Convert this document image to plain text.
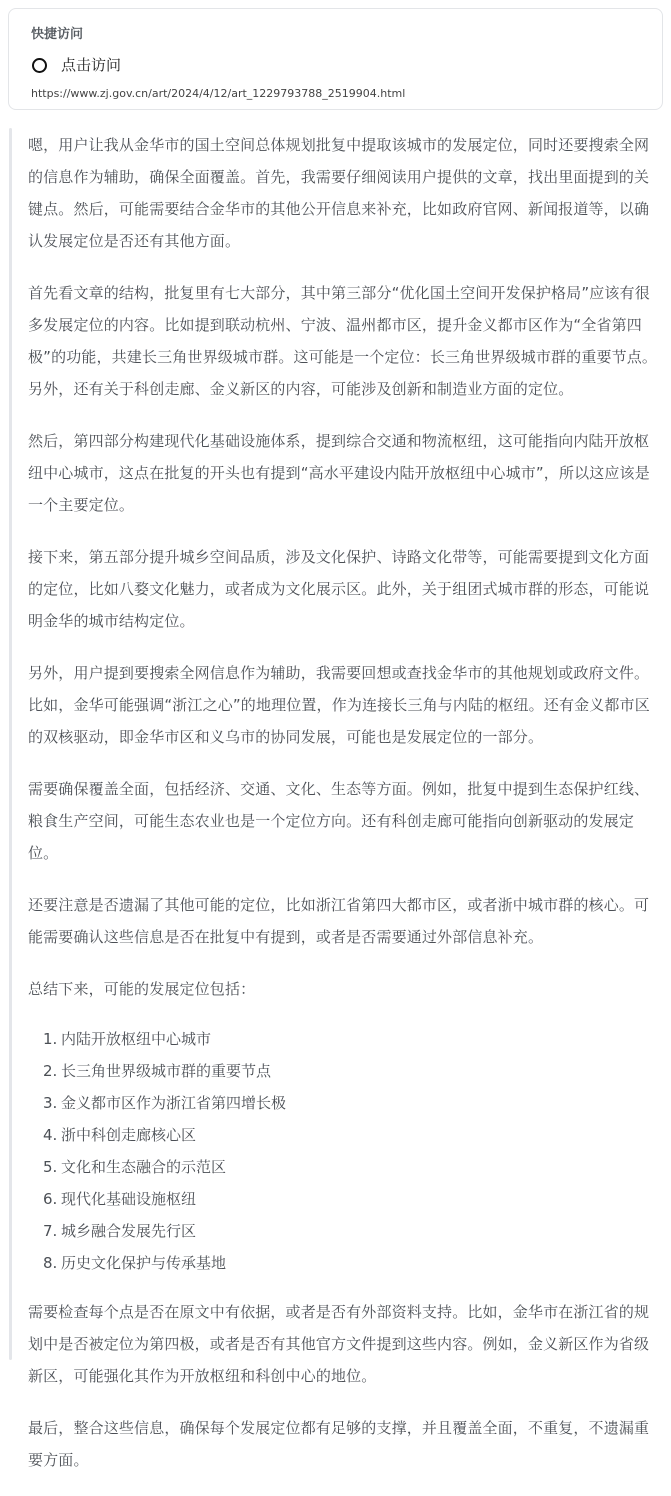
快捷访问
点击访问
https://www.zj.gov.cn/art/2024/4/12/art_1229793788_2519904.html

嗯，用户让我从金华市的国土空间总体规划批复中提取该城市的发展定位，同时还要搜索全网的信息作为辅助，确保全面覆盖。首先，我需要仔细阅读用户提供的文章，找出里面提到的关键点。然后，可能需要结合金华市的其他公开信息来补充，比如政府官网、新闻报道等，以确认发展定位是否还有其他方面。

首先看文章的结构，批复里有七大部分，其中第三部分“优化国土空间开发保护格局”应该有很多发展定位的内容。比如提到联动杭州、宁波、温州都市区，提升金义都市区作为“全省第四极”的功能，共建长三角世界级城市群。这可能是一个定位：长三角世界级城市群的重要节点。另外，还有关于科创走廊、金义新区的内容，可能涉及创新和制造业方面的定位。

然后，第四部分构建现代化基础设施体系，提到综合交通和物流枢纽，这可能指向内陆开放枢纽中心城市，这点在批复的开头也有提到“高水平建设内陆开放枢纽中心城市”，所以这应该是一个主要定位。

接下来，第五部分提升城乡空间品质，涉及文化保护、诗路文化带等，可能需要提到文化方面的定位，比如八婺文化魅力，或者成为文化展示区。此外，关于组团式城市群的形态，可能说明金华的城市结构定位。

另外，用户提到要搜索全网信息作为辅助，我需要回想或查找金华市的其他规划或政府文件。比如，金华可能强调“浙江之心”的地理位置，作为连接长三角与内陆的枢纽。还有金义都市区的双核驱动，即金华市区和义乌市的协同发展，可能也是发展定位的一部分。

需要确保覆盖全面，包括经济、交通、文化、生态等方面。例如，批复中提到生态保护红线、粮食生产空间，可能生态农业也是一个定位方向。还有科创走廊可能指向创新驱动的发展定位。

还要注意是否遗漏了其他可能的定位，比如浙江省第四大都市区，或者浙中城市群的核心。可能需要确认这些信息是否在批复中有提到，或者是否需要通过外部信息补充。

总结下来，可能的发展定位包括：

1. 内陆开放枢纽中心城市
2. 长三角世界级城市群的重要节点
3. 金义都市区作为浙江省第四增长极
4. 浙中科创走廊核心区
5. 文化和生态融合的示范区
6. 现代化基础设施枢纽
7. 城乡融合发展先行区
8. 历史文化保护与传承基地

需要检查每个点是否在原文中有依据，或者是否有外部资料支持。比如，金华市在浙江省的规划中是否被定位为第四极，或者是否有其他官方文件提到这些内容。例如，金义新区作为省级新区，可能强化其作为开放枢纽和科创中心的地位。

最后，整合这些信息，确保每个发展定位都有足够的支撑，并且覆盖全面，不重复，不遗漏重要方面。
